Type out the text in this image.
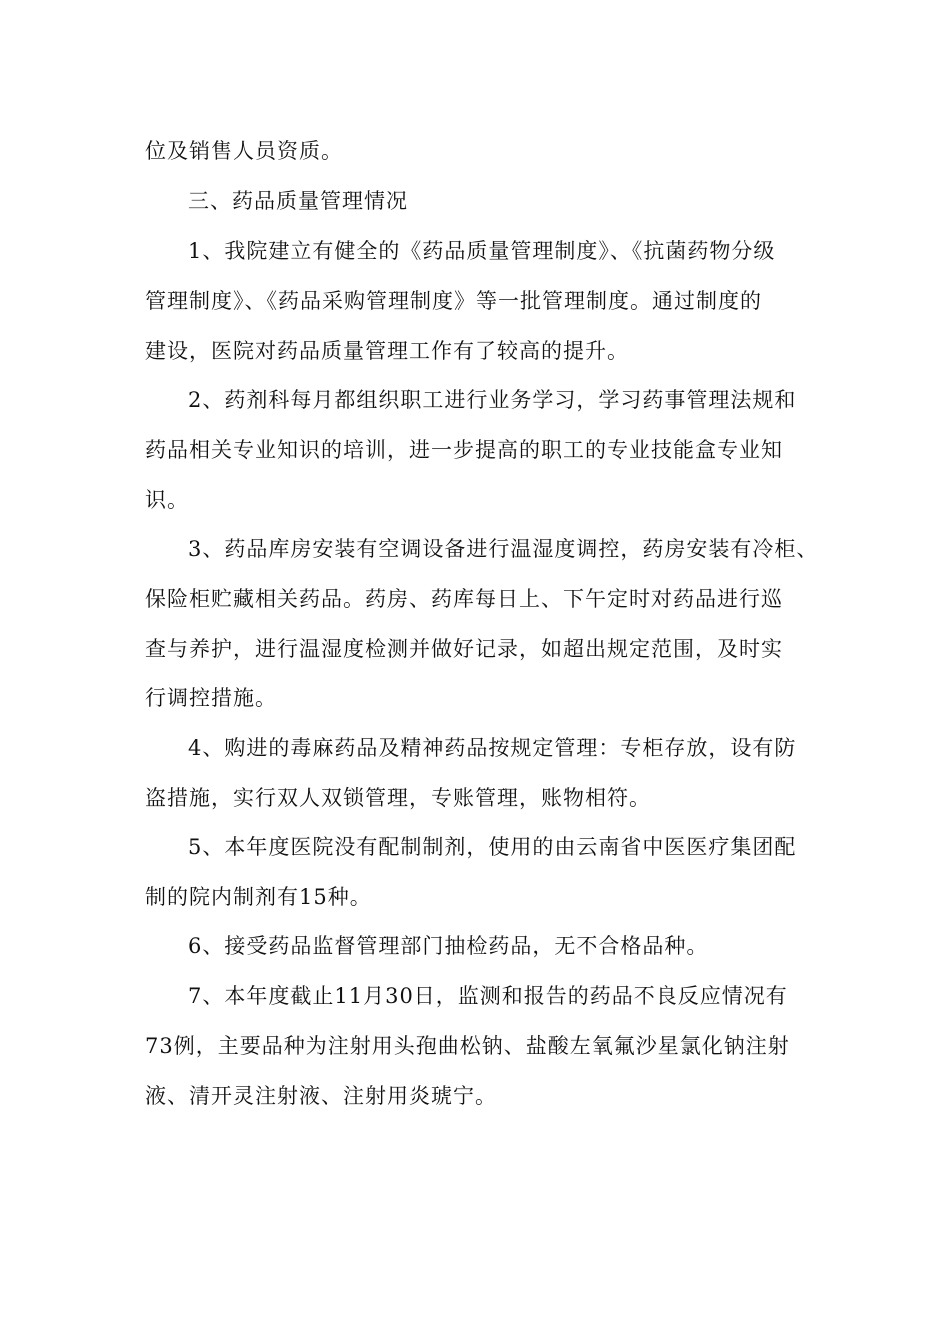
位及销售人员资质。
三、药品质量管理情况
1、我院建立有健全的《药品质量管理制度》、《抗菌药物分级
管理制度》、《药品采购管理制度》等一批管理制度。通过制度的
建设，医院对药品质量管理工作有了较高的提升。
2、药剂科每月都组织职工进行业务学习，学习药事管理法规和
药品相关专业知识的培训，进一步提高的职工的专业技能盒专业知
识。
3、药品库房安装有空调设备进行温湿度调控，药房安装有冷柜、
保险柜贮藏相关药品。药房、药库每日上、下午定时对药品进行巡
查与养护，进行温湿度检测并做好记录，如超出规定范围，及时实
行调控措施。
4、购进的毒麻药品及精神药品按规定管理：专柜存放，设有防
盗措施，实行双人双锁管理，专账管理，账物相符。
5、本年度医院没有配制制剂，使用的由云南省中医医疗集团配
制的院内制剂有15种。
6、接受药品监督管理部门抽检药品，无不合格品种。
7、本年度截止11月30日，监测和报告的药品不良反应情况有
73例，主要品种为注射用头孢曲松钠、盐酸左氧氟沙星氯化钠注射
液、清开灵注射液、注射用炎琥宁。
